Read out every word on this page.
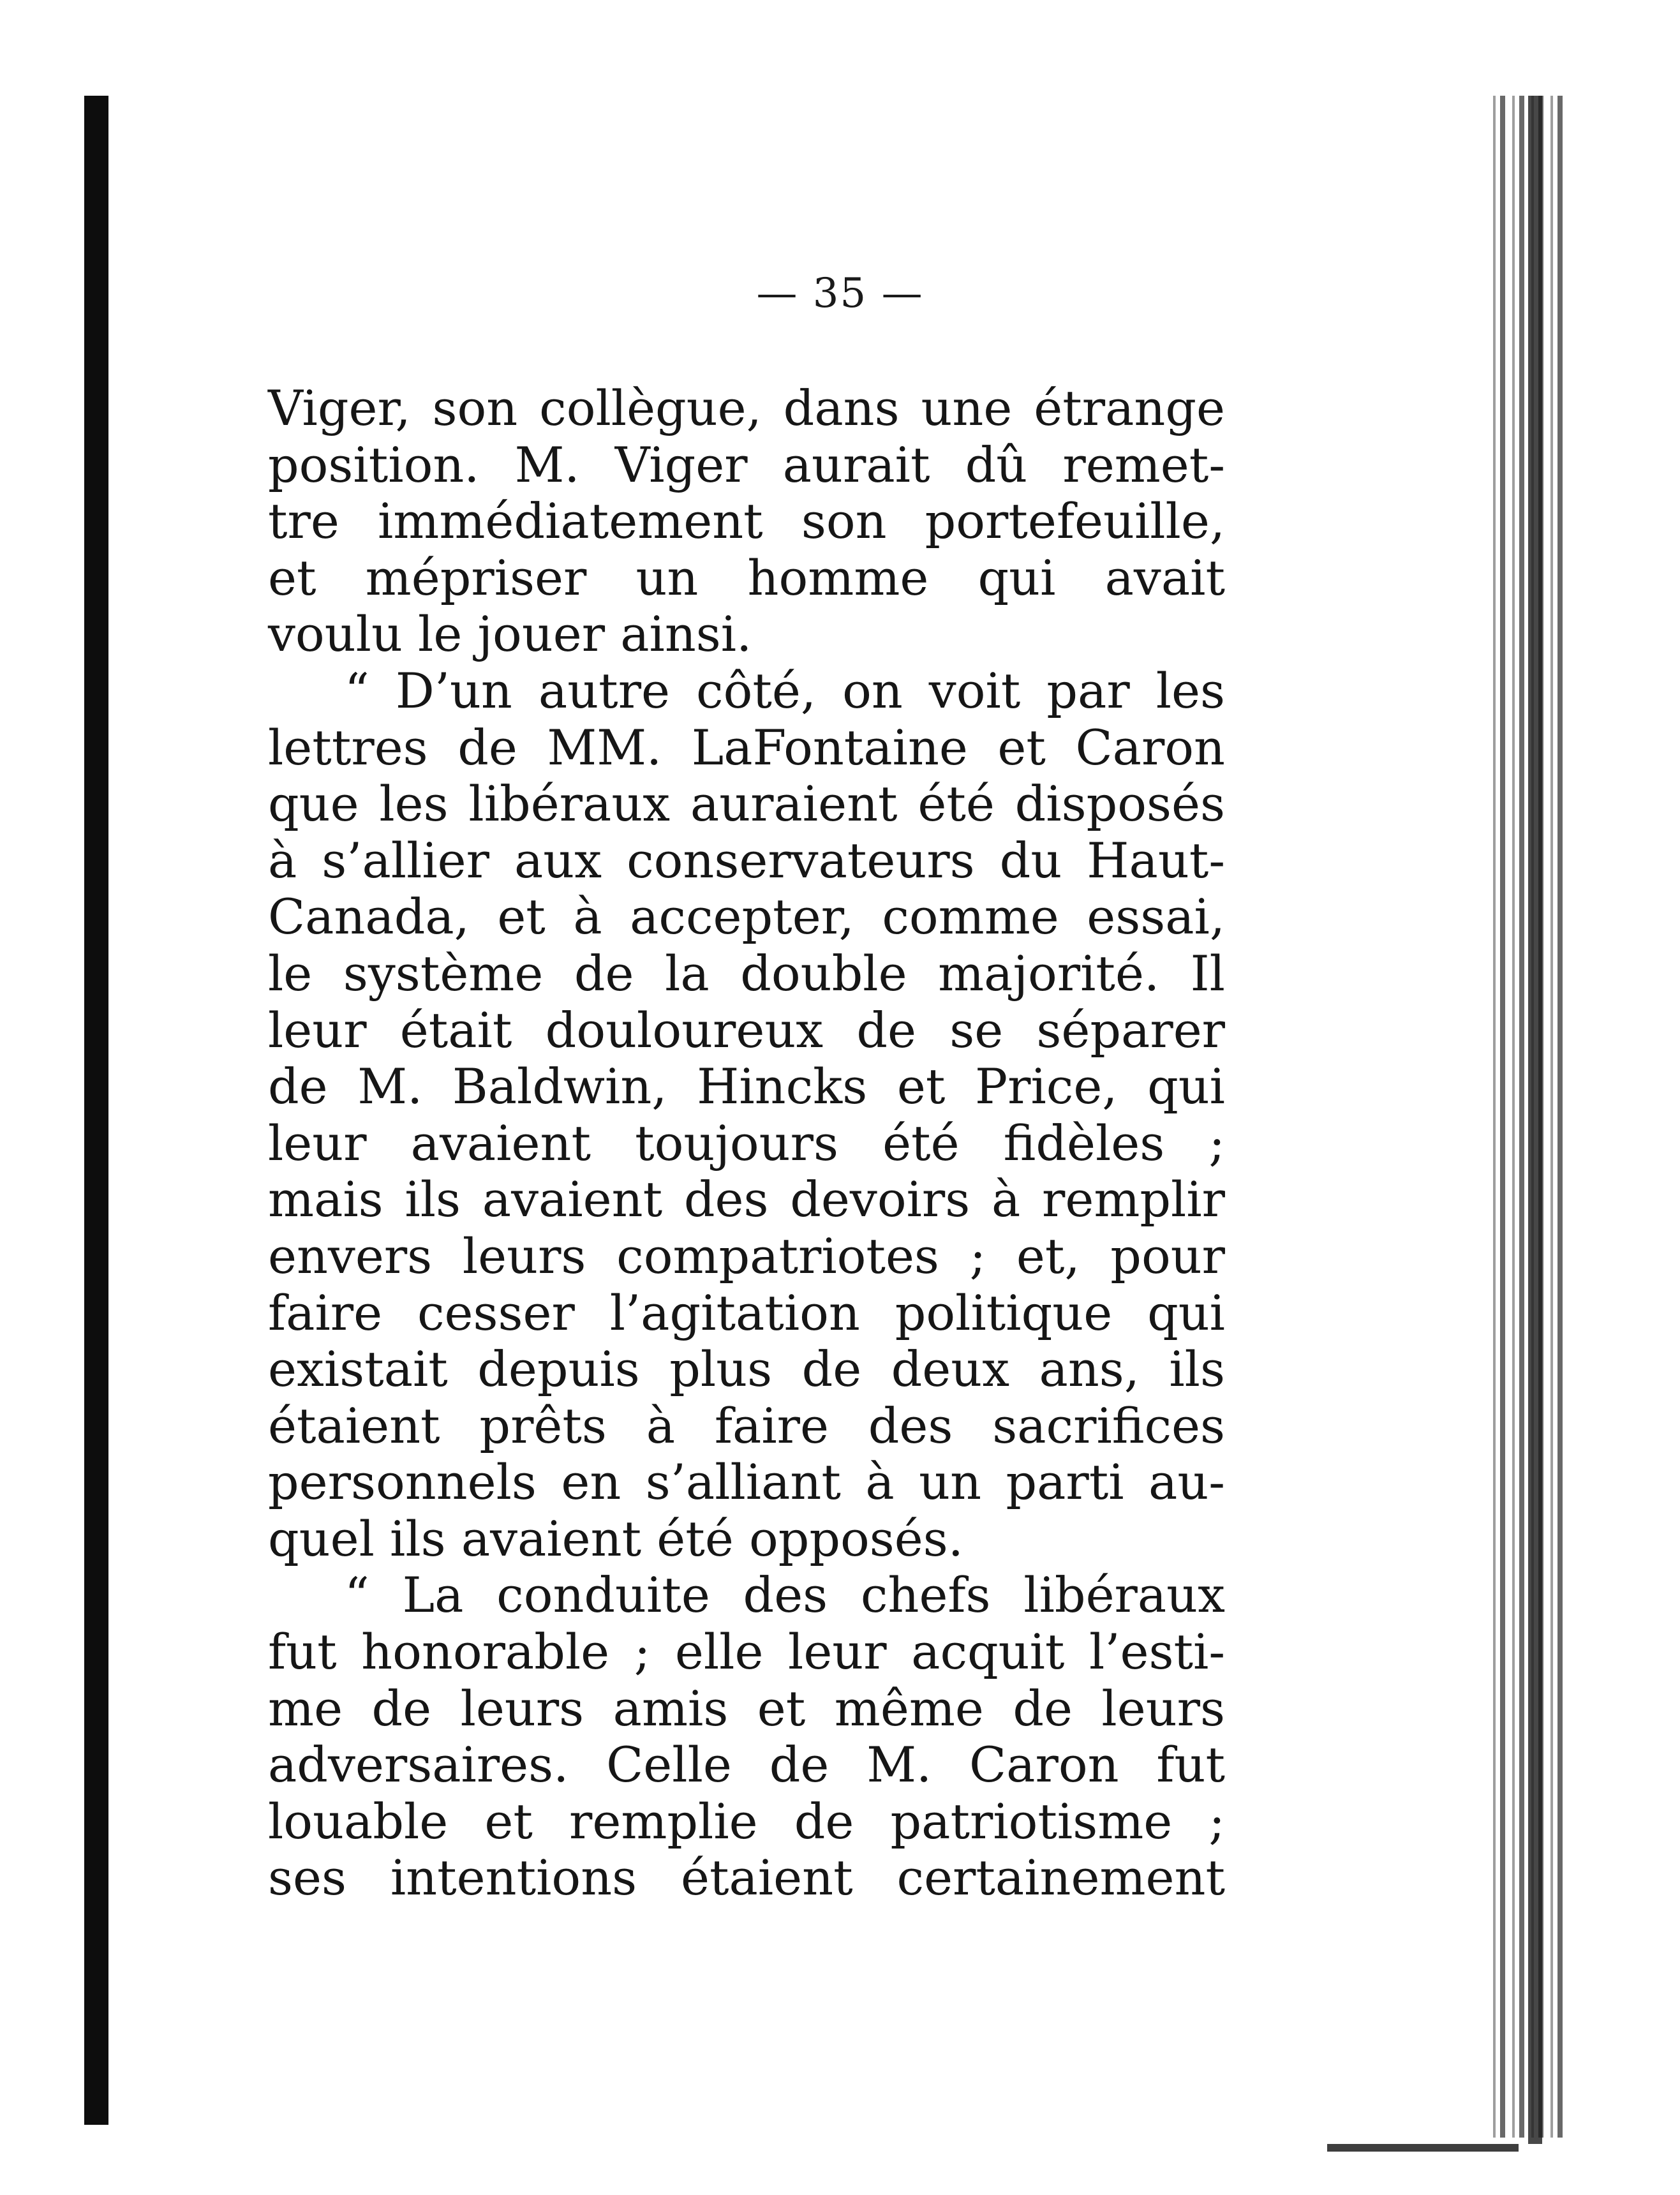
— 35 —
Viger, son collègue, dans une étrange
position. M. Viger aurait dû remet-
tre immédiatement son portefeuille,
et mépriser un homme qui avait
voulu le jouer ainsi.
“ D’un autre côté, on voit par les
lettres de MM. LaFontaine et Caron
que les libéraux auraient été disposés
à s’allier aux conservateurs du Haut-
Canada, et à accepter, comme essai,
le système de la double majorité. Il
leur était douloureux de se séparer
de M. Baldwin, Hincks et Price, qui
leur avaient toujours été fidèles ;
mais ils avaient des devoirs à remplir
envers leurs compatriotes ; et, pour
faire cesser l’agitation politique qui
existait depuis plus de deux ans, ils
étaient prêts à faire des sacrifices
personnels en s’alliant à un parti au-
quel ils avaient été opposés.
“ La conduite des chefs libéraux
fut honorable ; elle leur acquit l’esti-
me de leurs amis et même de leurs
adversaires. Celle de M. Caron fut
louable et remplie de patriotisme ;
ses intentions étaient certainement
